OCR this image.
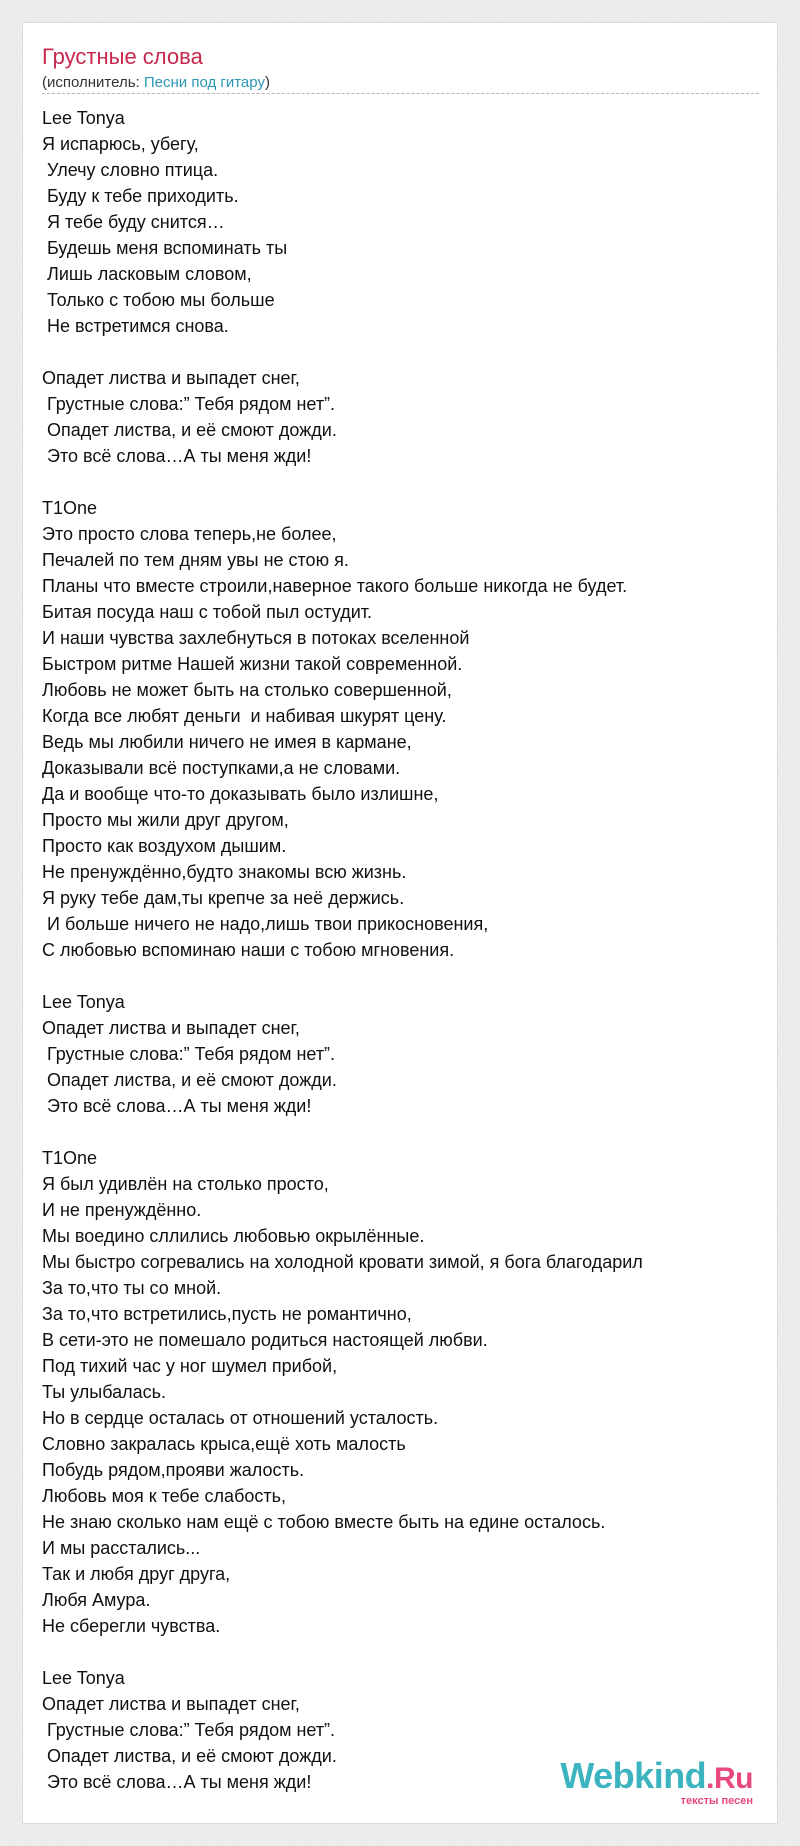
Грустные слова
(исполнитель: Песни под гитару)
Lee Tonya
Я испарюсь, убегу,
Улечу словно птица.
Буду к тебе приходить.
Я тебе буду снится…
Будешь меня вспоминать ты
Лишь ласковым словом,
Только с тобою мы больше
Не встретимся снова.
Опадет листва и выпадет снег,
Грустные слова:” Тебя рядом нет”.
Опадет листва, и её смоют дожди.
Это всё слова…А ты меня жди!
T1One
Это просто слова теперь,не более,
Печалей по тем дням увы не стою я.
Планы что вместе строили,наверное такого больше никогда не будет.
Битая посуда наш с тобой пыл остудит.
И наши чувства захлебнуться в потоках вселенной
Быстром ритме Нашей жизни такой современной.
Любовь не может быть на столько совершенной,
Когда все любят деньги  и набивая шкурят цену.
Ведь мы любили ничего не имея в кармане,
Доказывали всё поступками,а не словами.
Да и вообще что-то доказывать было излишне,
Просто мы жили друг другом,
Просто как воздухом дышим.
Не пренуждённо,будто знакомы всю жизнь.
Я руку тебе дам,ты крепче за неё держись.
И больше ничего не надо,лишь твои прикосновения,
С любовью вспоминаю наши с тобою мгновения.
Lee Tonya
Опадет листва и выпадет снег,
Грустные слова:” Тебя рядом нет”.
Опадет листва, и её смоют дожди.
Это всё слова…А ты меня жди!
T1One
Я был удивлён на столько просто,
И не пренуждённо.
Мы воедино сллились любовью окрылённые.
Мы быстро согревались на холодной кровати зимой, я бога благодарил
За то,что ты со мной.
За то,что встретились,пусть не романтично,
В сети-это не помешало родиться настоящей любви.
Под тихий час у ног шумел прибой,
Ты улыбалась.
Но в сердце осталась от отношений усталость.
Словно закралась крыса,ещё хоть малость
Побудь рядом,прояви жалость.
Любовь моя к тебе слабость,
Не знаю сколько нам ещё с тобою вместе быть на едине осталось.
И мы расстались...
Так и любя друг друга,
Любя Амура.
Не сберегли чувства.
Lee Tonya
Опадет листва и выпадет снег,
Грустные слова:” Тебя рядом нет”.
Опадет листва, и её смоют дожди.
Это всё слова…А ты меня жди!	Webkind.Ru
тексты песен
